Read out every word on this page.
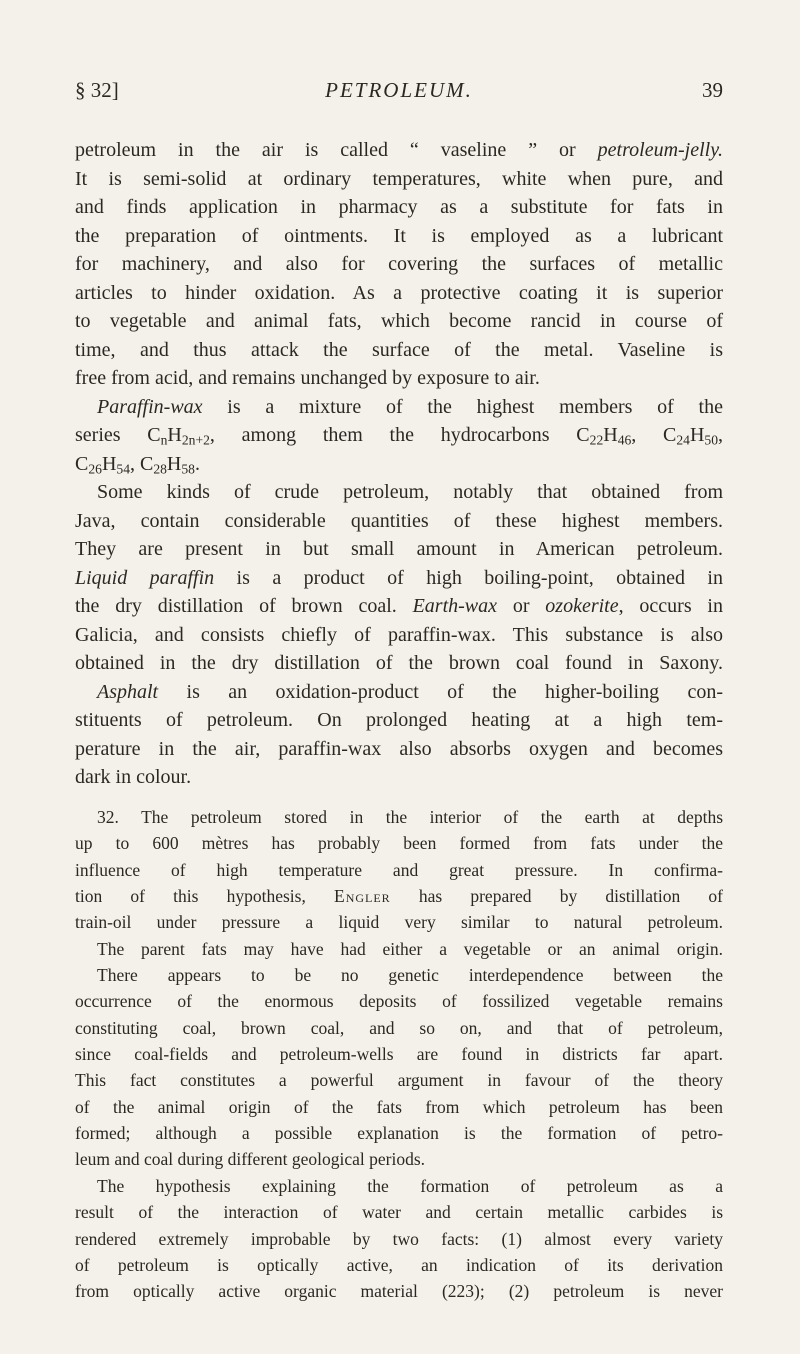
§ 32]	PETROLEUM.	39
petroleum in the air is called “ vaseline ” or petroleum-jelly.
It is semi-solid at ordinary temperatures, white when pure, and
and finds application in pharmacy as a substitute for fats in
the preparation of ointments. It is employed as a lubricant
for machinery, and also for covering the surfaces of metallic
articles to hinder oxidation. As a protective coating it is superior
to vegetable and animal fats, which become rancid in course of
time, and thus attack the surface of the metal. Vaseline is
free from acid, and remains unchanged by exposure to air.
Paraffin-wax is a mixture of the highest members of the
series $C_nH_{2n+2}$, among them the hydrocarbons $C_{22}H_{46}$, $C_{24}H_{50}$,
$C_{26}H_{54}$, $C_{28}H_{58}$.
Some kinds of crude petroleum, notably that obtained from
Java, contain considerable quantities of these highest members.
They are present in but small amount in American petroleum.
Liquid paraffin is a product of high boiling-point, obtained in
the dry distillation of brown coal. Earth-wax or ozokerite, occurs in
Galicia, and consists chiefly of paraffin-wax. This substance is also
obtained in the dry distillation of the brown coal found in Saxony.
Asphalt is an oxidation-product of the higher-boiling con-
stituents of petroleum. On prolonged heating at a high tem-
perature in the air, paraffin-wax also absorbs oxygen and becomes
dark in colour.
32. The petroleum stored in the interior of the earth at depths
up to 600 mètres has probably been formed from fats under the
influence of high temperature and great pressure. In confirma-
tion of this hypothesis, Engler has prepared by distillation of
train-oil under pressure a liquid very similar to natural petroleum.
The parent fats may have had either a vegetable or an animal origin.
There appears to be no genetic interdependence between the
occurrence of the enormous deposits of fossilized vegetable remains
constituting coal, brown coal, and so on, and that of petroleum,
since coal-fields and petroleum-wells are found in districts far apart.
This fact constitutes a powerful argument in favour of the theory
of the animal origin of the fats from which petroleum has been
formed; although a possible explanation is the formation of petro-
leum and coal during different geological periods.
The hypothesis explaining the formation of petroleum as a
result of the interaction of water and certain metallic carbides is
rendered extremely improbable by two facts: (1) almost every variety
of petroleum is optically active, an indication of its derivation
from optically active organic material (223); (2) petroleum is never
